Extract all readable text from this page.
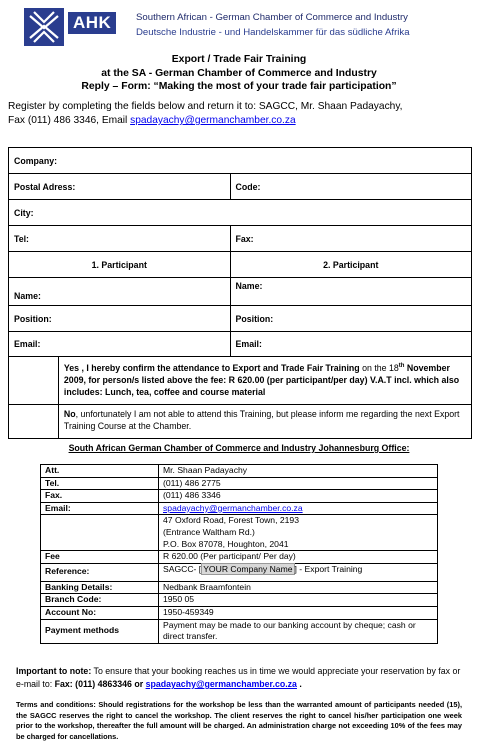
AHK	Southern African - German Chamber of Commerce and Industry
Deutsche Industrie - und Handelskammer für das südliche Afrika
Export / Trade Fair Training
at the SA - German Chamber of Commerce and Industry
Reply – Form: “Making the most of your trade fair participation”
Register by completing the fields below and return it to: SAGCC, Mr. Shaan Padayachy,
Fax (011) 486 3346, Email spadayachy@germanchamber.co.za
Company:		
Postal Adress:		Code:
City:		
Tel:		Fax:
1. Participant		2. Participant
Name:		Name:
Position:		Position:
Email:		Email:
	Yes , I hereby confirm the attendance to Export and Trade Fair Training on the 18th November 2009, for person/s listed above the fee: R 620.00 (per participant/per day) V.A.T incl. which also includes: Lunch, tea, coffee and course material	
	No, unfortunately I am not able to attend this Training, but please inform me regarding the next Export Training Course at the Chamber.	
South African German Chamber of Commerce and Industry Johannesburg Office:
Att.	Mr. Shaan Padayachy
Tel.	(011) 486 2775
Fax.	(011) 486 3346
Email:	spadayachy@germanchamber.co.za

	47 Oxford Road, Forest Town, 2193
(Entrance Waltham Rd.)
P.O. Box 87078, Houghton, 2041

Fee	R 620.00 (Per participant/ Per day)
Reference:	SAGCC- [ YOUR Company Name ] - Export Training
Banking Details:	Nedbank Braamfontein
Branch Code:	1950 05
Account No:	1950-459349
Payment methods	Payment may be made to our banking account by cheque; cash or direct transfer.
Important to note: To ensure that your booking reaches us in time we would appreciate your reservation by fax or e-mail to: Fax: (011) 4863346 or spadayachy@germanchamber.co.za .
Terms and conditions: Should registrations for the workshop be less than the warranted amount of participants needed (15), the SAGCC reserves the right to cancel the workshop. The client reserves the right to cancel his/her participation one week prior to the workshop, thereafter the full amount will be charged. An administration charge not exceeding 10% of the fees may be charged for cancellations.
